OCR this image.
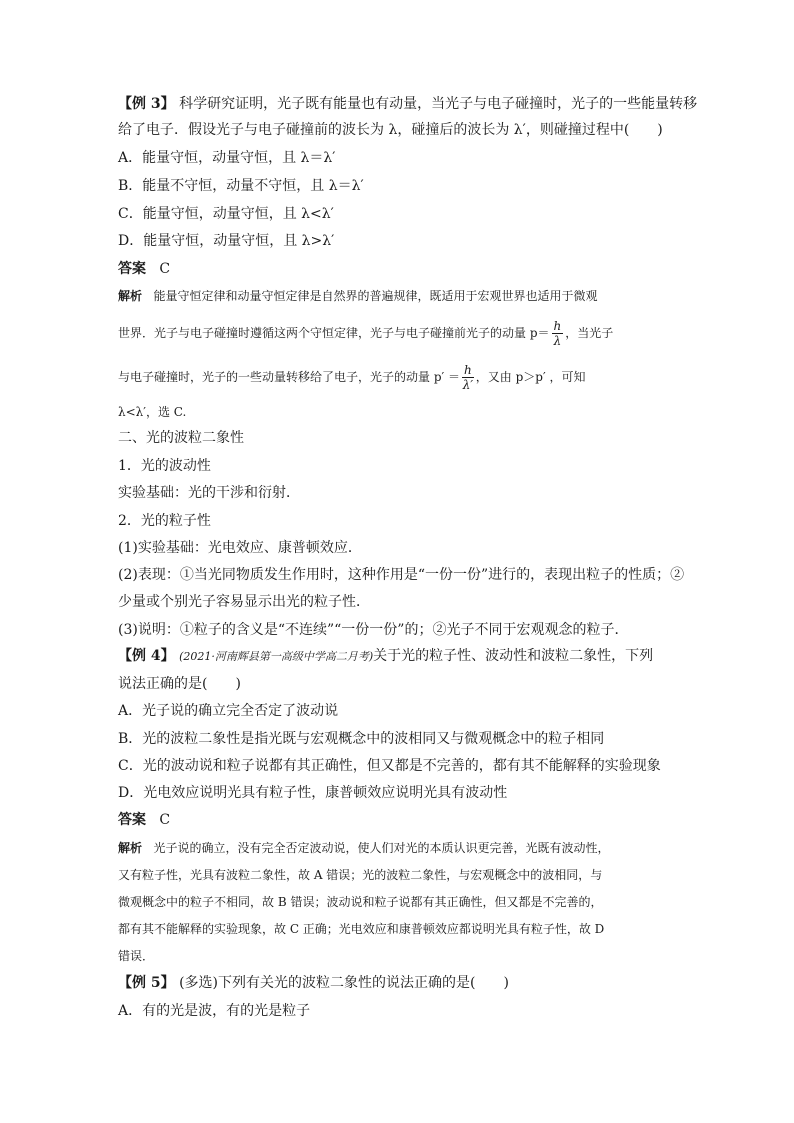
【例 3】 科学研究证明，光子既有能量也有动量，当光子与电子碰撞时，光子的一些能量转移
给了电子．假设光子与电子碰撞前的波长为 λ，碰撞后的波长为 λ′，则碰撞过程中(　　)
A．能量守恒，动量守恒，且 λ＝λ′
B．能量不守恒，动量不守恒，且 λ＝λ′
C．能量守恒，动量守恒，且 λ<λ′
D．能量守恒，动量守恒，且 λ>λ′
答案 C
解析 能量守恒定律和动量守恒定律是自然界的普遍规律，既适用于宏观世界也适用于微观
世界．光子与电子碰撞时遵循这两个守恒定律，光子与电子碰撞前光子的动量 $p= \frac{h}{\lambda}$ ，当光子
与电子碰撞时，光子的一些动量转移给了电子，光子的动量 $p' = \frac{h}{\lambda'}$ ，又由 p＞p′ ，可知
λ<λ′，选 C.
二、光的波粒二象性
1．光的波动性
实验基础：光的干涉和衍射．
2．光的粒子性
(1)实验基础：光电效应、康普顿效应．
(2)表现：①当光同物质发生作用时，这种作用是“一份一份”进行的，表现出粒子的性质；②
少量或个别光子容易显示出光的粒子性．
(3)说明：①粒子的含义是“不连续”“一份一份”的；②光子不同于宏观观念的粒子．
【例 4】 (2021·河南辉县第一高级中学高二月考)关于光的粒子性、波动性和波粒二象性，下列
说法正确的是(　　)
A．光子说的确立完全否定了波动说
B．光的波粒二象性是指光既与宏观概念中的波相同又与微观概念中的粒子相同
C．光的波动说和粒子说都有其正确性，但又都是不完善的，都有其不能解释的实验现象
D．光电效应说明光具有粒子性，康普顿效应说明光具有波动性
答案 C
解析 光子说的确立，没有完全否定波动说，使人们对光的本质认识更完善，光既有波动性，
又有粒子性，光具有波粒二象性，故 A 错误；光的波粒二象性，与宏观概念中的波相同，与
微观概念中的粒子不相同，故 B 错误；波动说和粒子说都有其正确性，但又都是不完善的，
都有其不能解释的实验现象，故 C 正确；光电效应和康普顿效应都说明光具有粒子性，故 D
错误．
【例 5】 (多选)下列有关光的波粒二象性的说法正确的是(　　)
A．有的光是波，有的光是粒子
